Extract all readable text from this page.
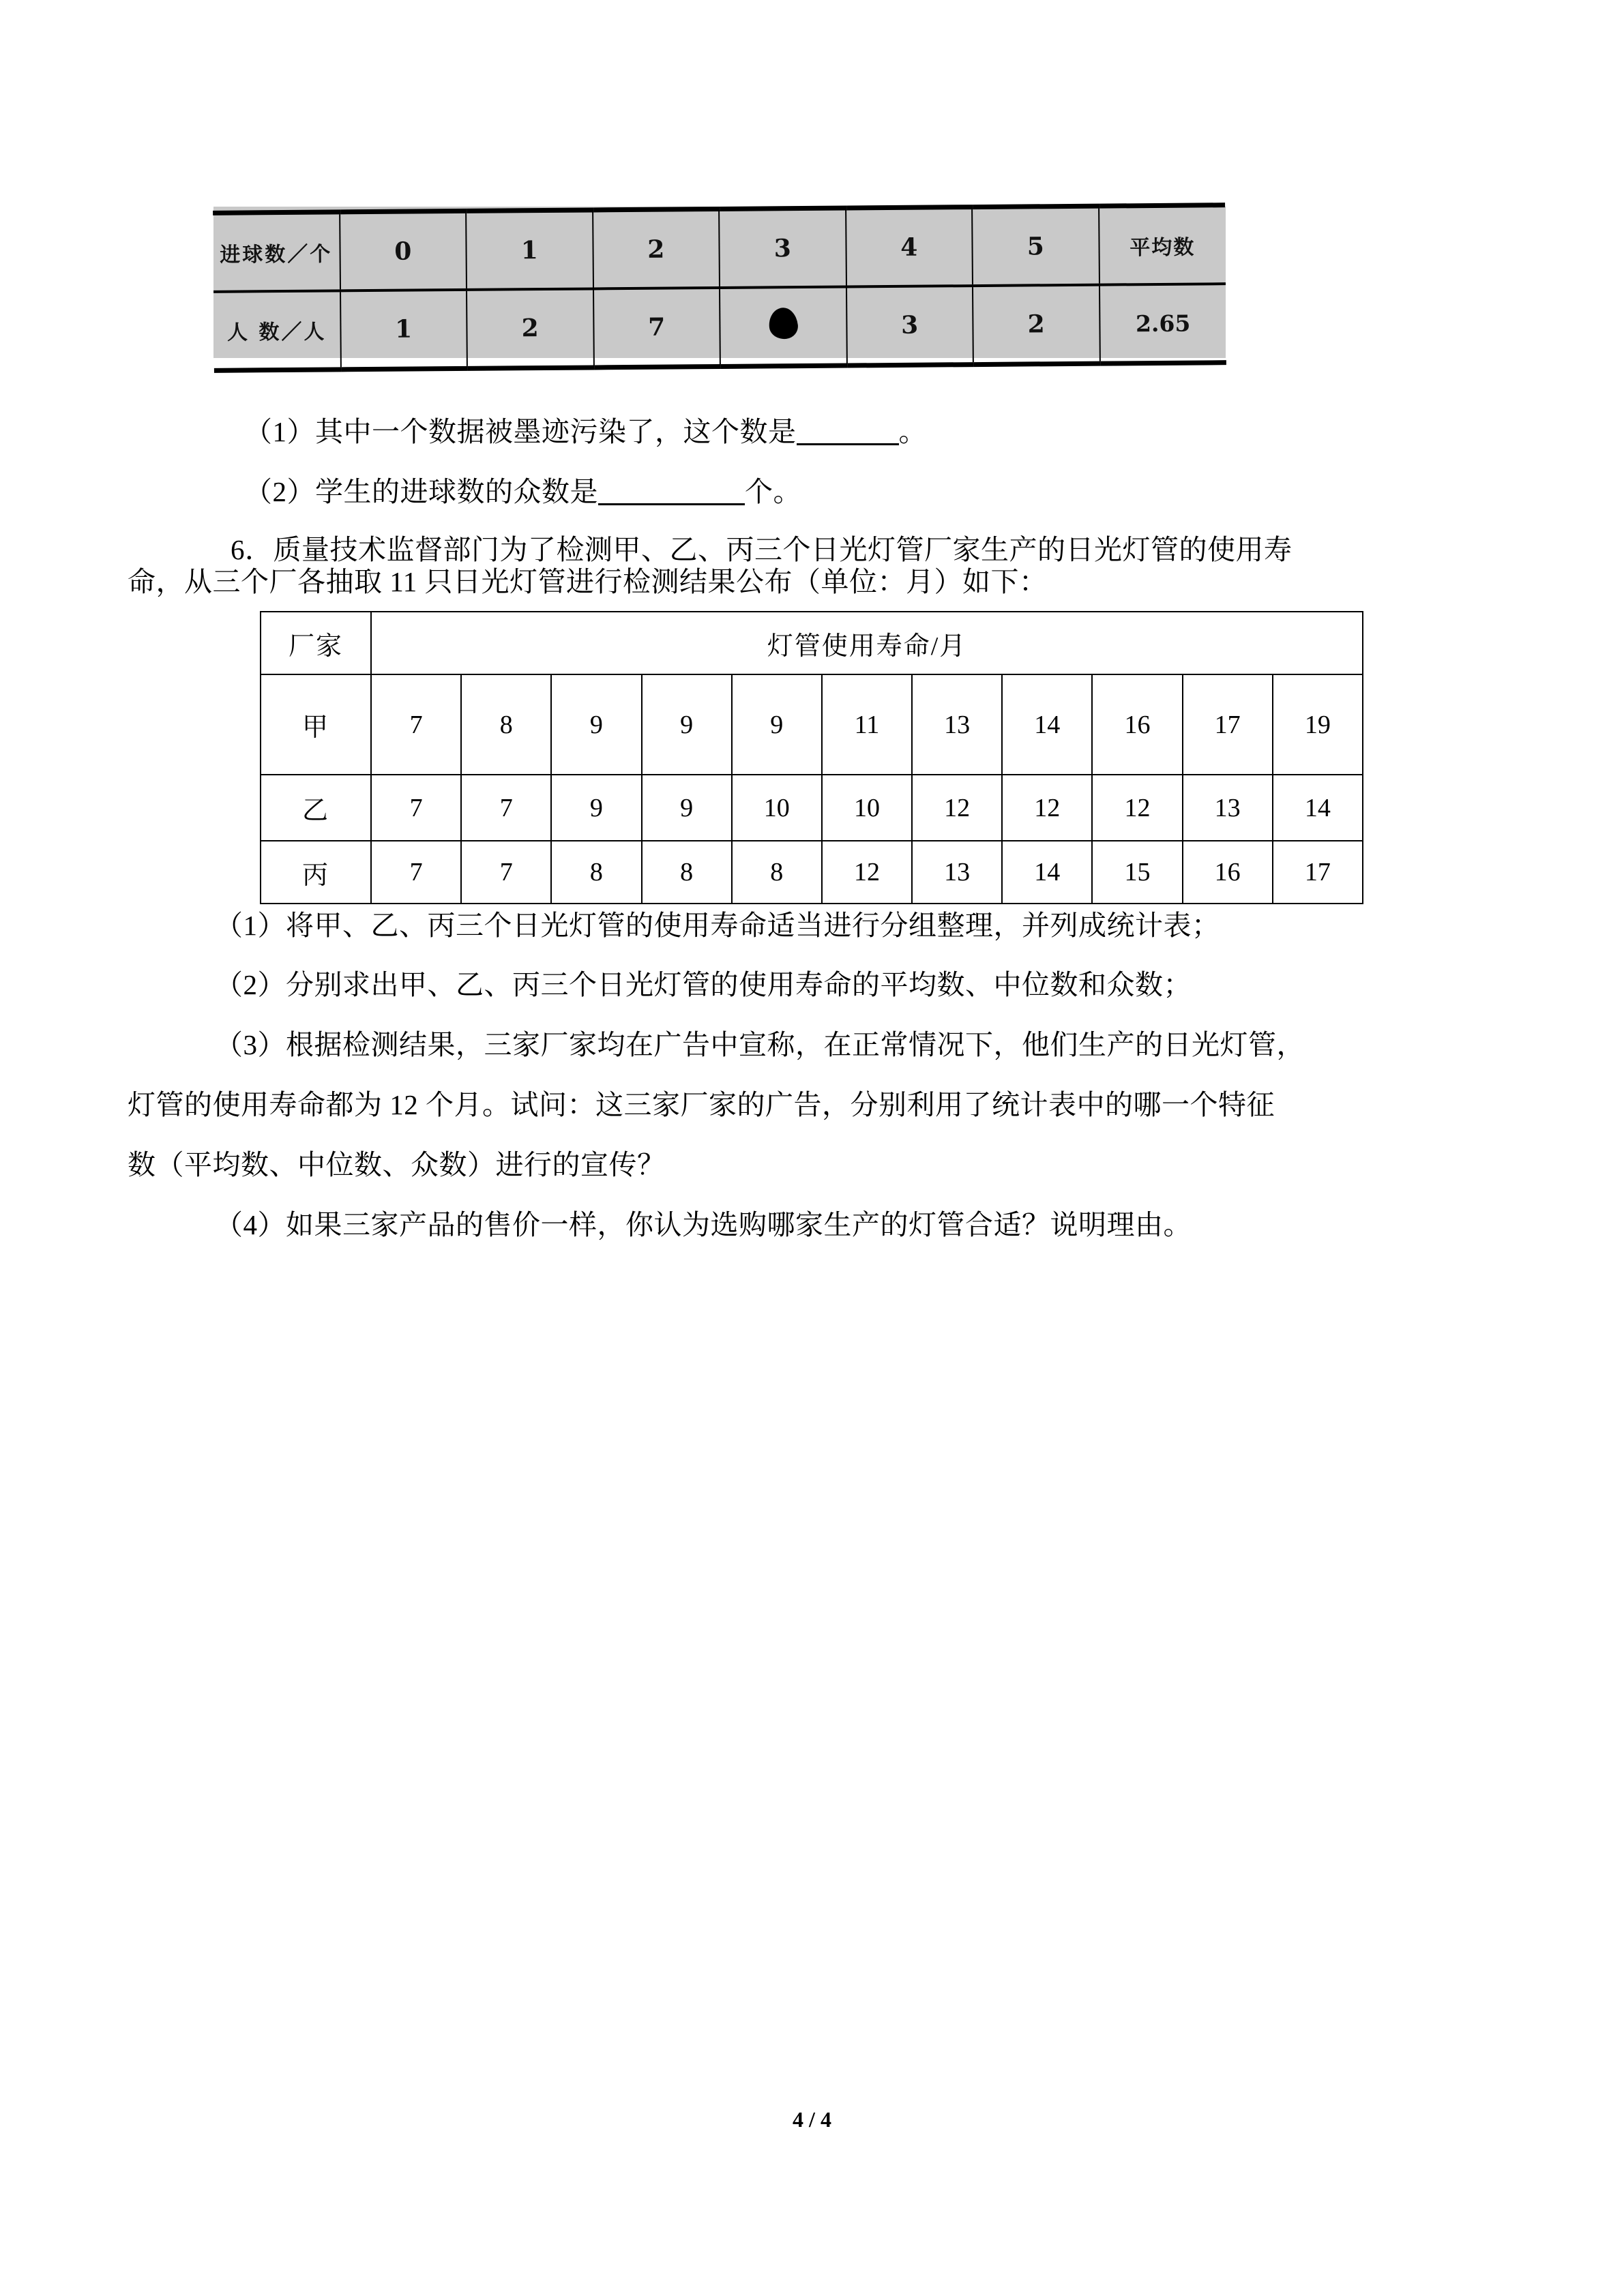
进球数／个	0	1	2	3	4	5	平均数
人 数／人	1	2	7		3	2	2.65

（1）其中一个数据被墨迹污染了，这个数是	。

（2）学生的进球数的众数是	个。

6．质量技术监督部门为了检测甲、乙、丙三个日光灯管厂家生产的日光灯管的使用寿

命，从三个厂各抽取 11 只日光灯管进行检测结果公布（单位：月）如下：
厂家	灯管使用寿命/月										
甲	7	8	9	9	9	11	13	14	16	17	19
乙	7	7	9	9	10	10	12	12	12	13	14
丙	7	7	8	8	8	12	13	14	15	16	17
（1）将甲、乙、丙三个日光灯管的使用寿命适当进行分组整理，并列成统计表；
（2）分别求出甲、乙、丙三个日光灯管的使用寿命的平均数、中位数和众数；
（3）根据检测结果，三家厂家均在广告中宣称，在正常情况下，他们生产的日光灯管，
灯管的使用寿命都为 12 个月。试问：这三家厂家的广告，分别利用了统计表中的哪一个特征
数（平均数、中位数、众数）进行的宣传？
（4）如果三家产品的售价一样，你认为选购哪家生产的灯管合适？说明理由。
4 / 4
